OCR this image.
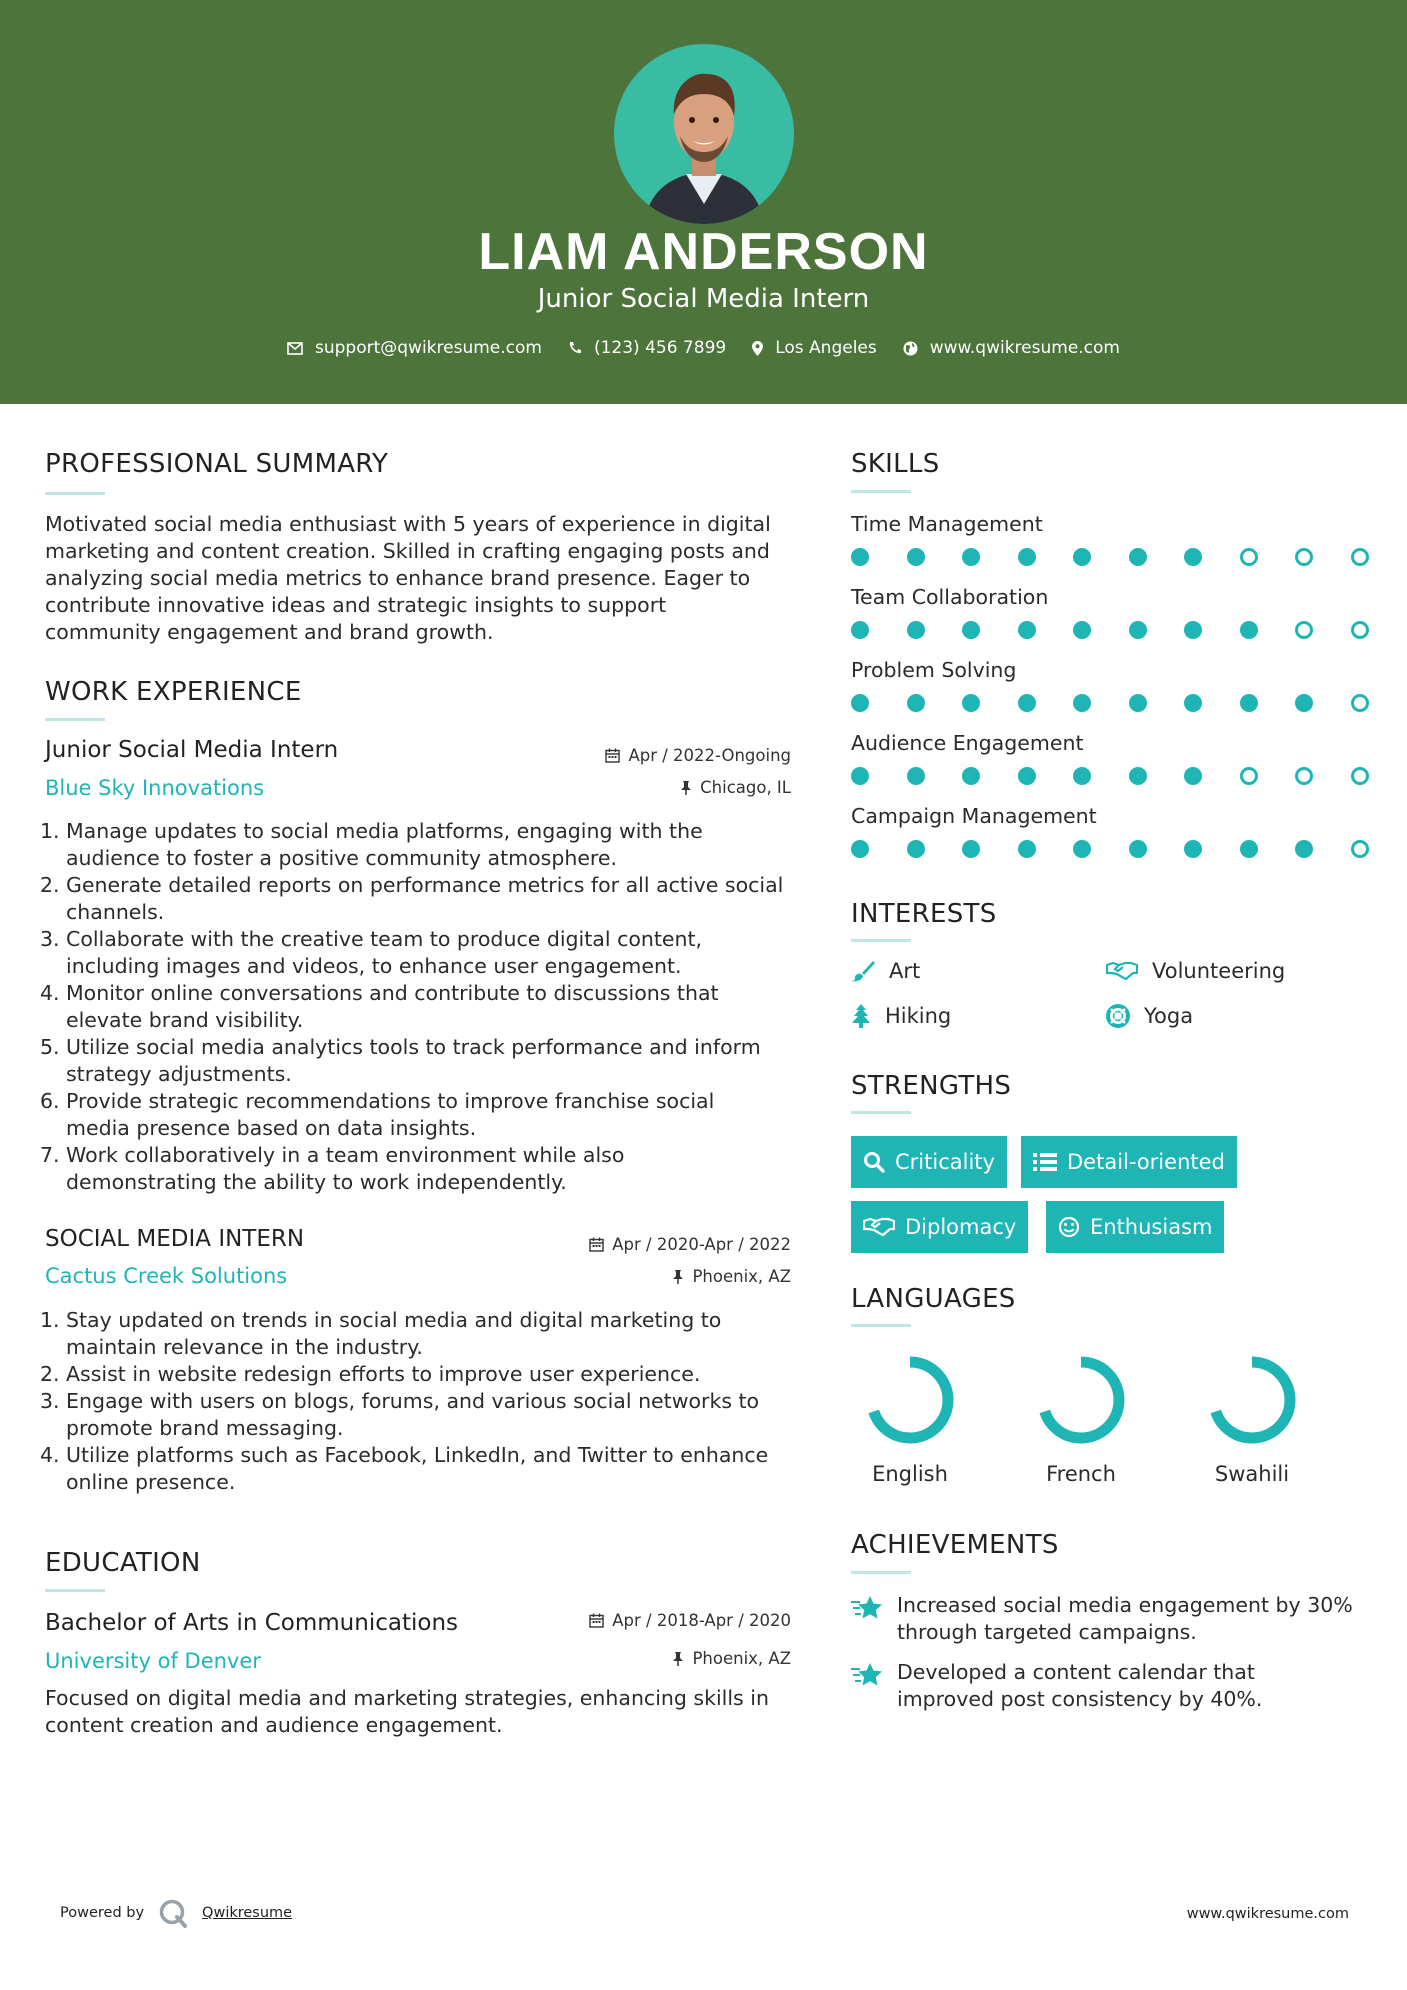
LIAM ANDERSON
Junior Social Media Intern
support@qwikresume.com	(123) 456 7899	Los Angeles	www.qwikresume.com
PROFESSIONAL SUMMARY
Motivated social media enthusiast with 5 years of experience in digital
marketing and content creation. Skilled in crafting engaging posts and
analyzing social media metrics to enhance brand presence. Eager to
contribute innovative ideas and strategic insights to support
community engagement and brand growth.
WORK EXPERIENCE
Junior Social Media Intern	Apr / 2022-Ongoing
Blue Sky Innovations	Chicago, IL
1. Manage updates to social media platforms, engaging with the
audience to foster a positive community atmosphere.
2. Generate detailed reports on performance metrics for all active social
channels.
3. Collaborate with the creative team to produce digital content,
including images and videos, to enhance user engagement.
4. Monitor online conversations and contribute to discussions that
elevate brand visibility.
5. Utilize social media analytics tools to track performance and inform
strategy adjustments.
6. Provide strategic recommendations to improve franchise social
media presence based on data insights.
7. Work collaboratively in a team environment while also
demonstrating the ability to work independently.
SOCIAL MEDIA INTERN	Apr / 2020-Apr / 2022
Cactus Creek Solutions	Phoenix, AZ
1. Stay updated on trends in social media and digital marketing to
maintain relevance in the industry.
2. Assist in website redesign efforts to improve user experience.
3. Engage with users on blogs, forums, and various social networks to
promote brand messaging.
4. Utilize platforms such as Facebook, LinkedIn, and Twitter to enhance
online presence.
EDUCATION
Bachelor of Arts in Communications	Apr / 2018-Apr / 2020
University of Denver	Phoenix, AZ
Focused on digital media and marketing strategies, enhancing skills in
content creation and audience engagement.
SKILLS
Time Management
Team Collaboration
Problem Solving
Audience Engagement
Campaign Management
INTERESTS
Art	Volunteering
Hiking	Yoga
STRENGTHS
Criticality	Detail-oriented
Diplomacy	Enthusiasm
LANGUAGES
English	French	Swahili
ACHIEVEMENTS
Increased social media engagement by 30%
through targeted campaigns.
Developed a content calendar that
improved post consistency by 40%.
Powered by	Qwikresume	www.qwikresume.com
